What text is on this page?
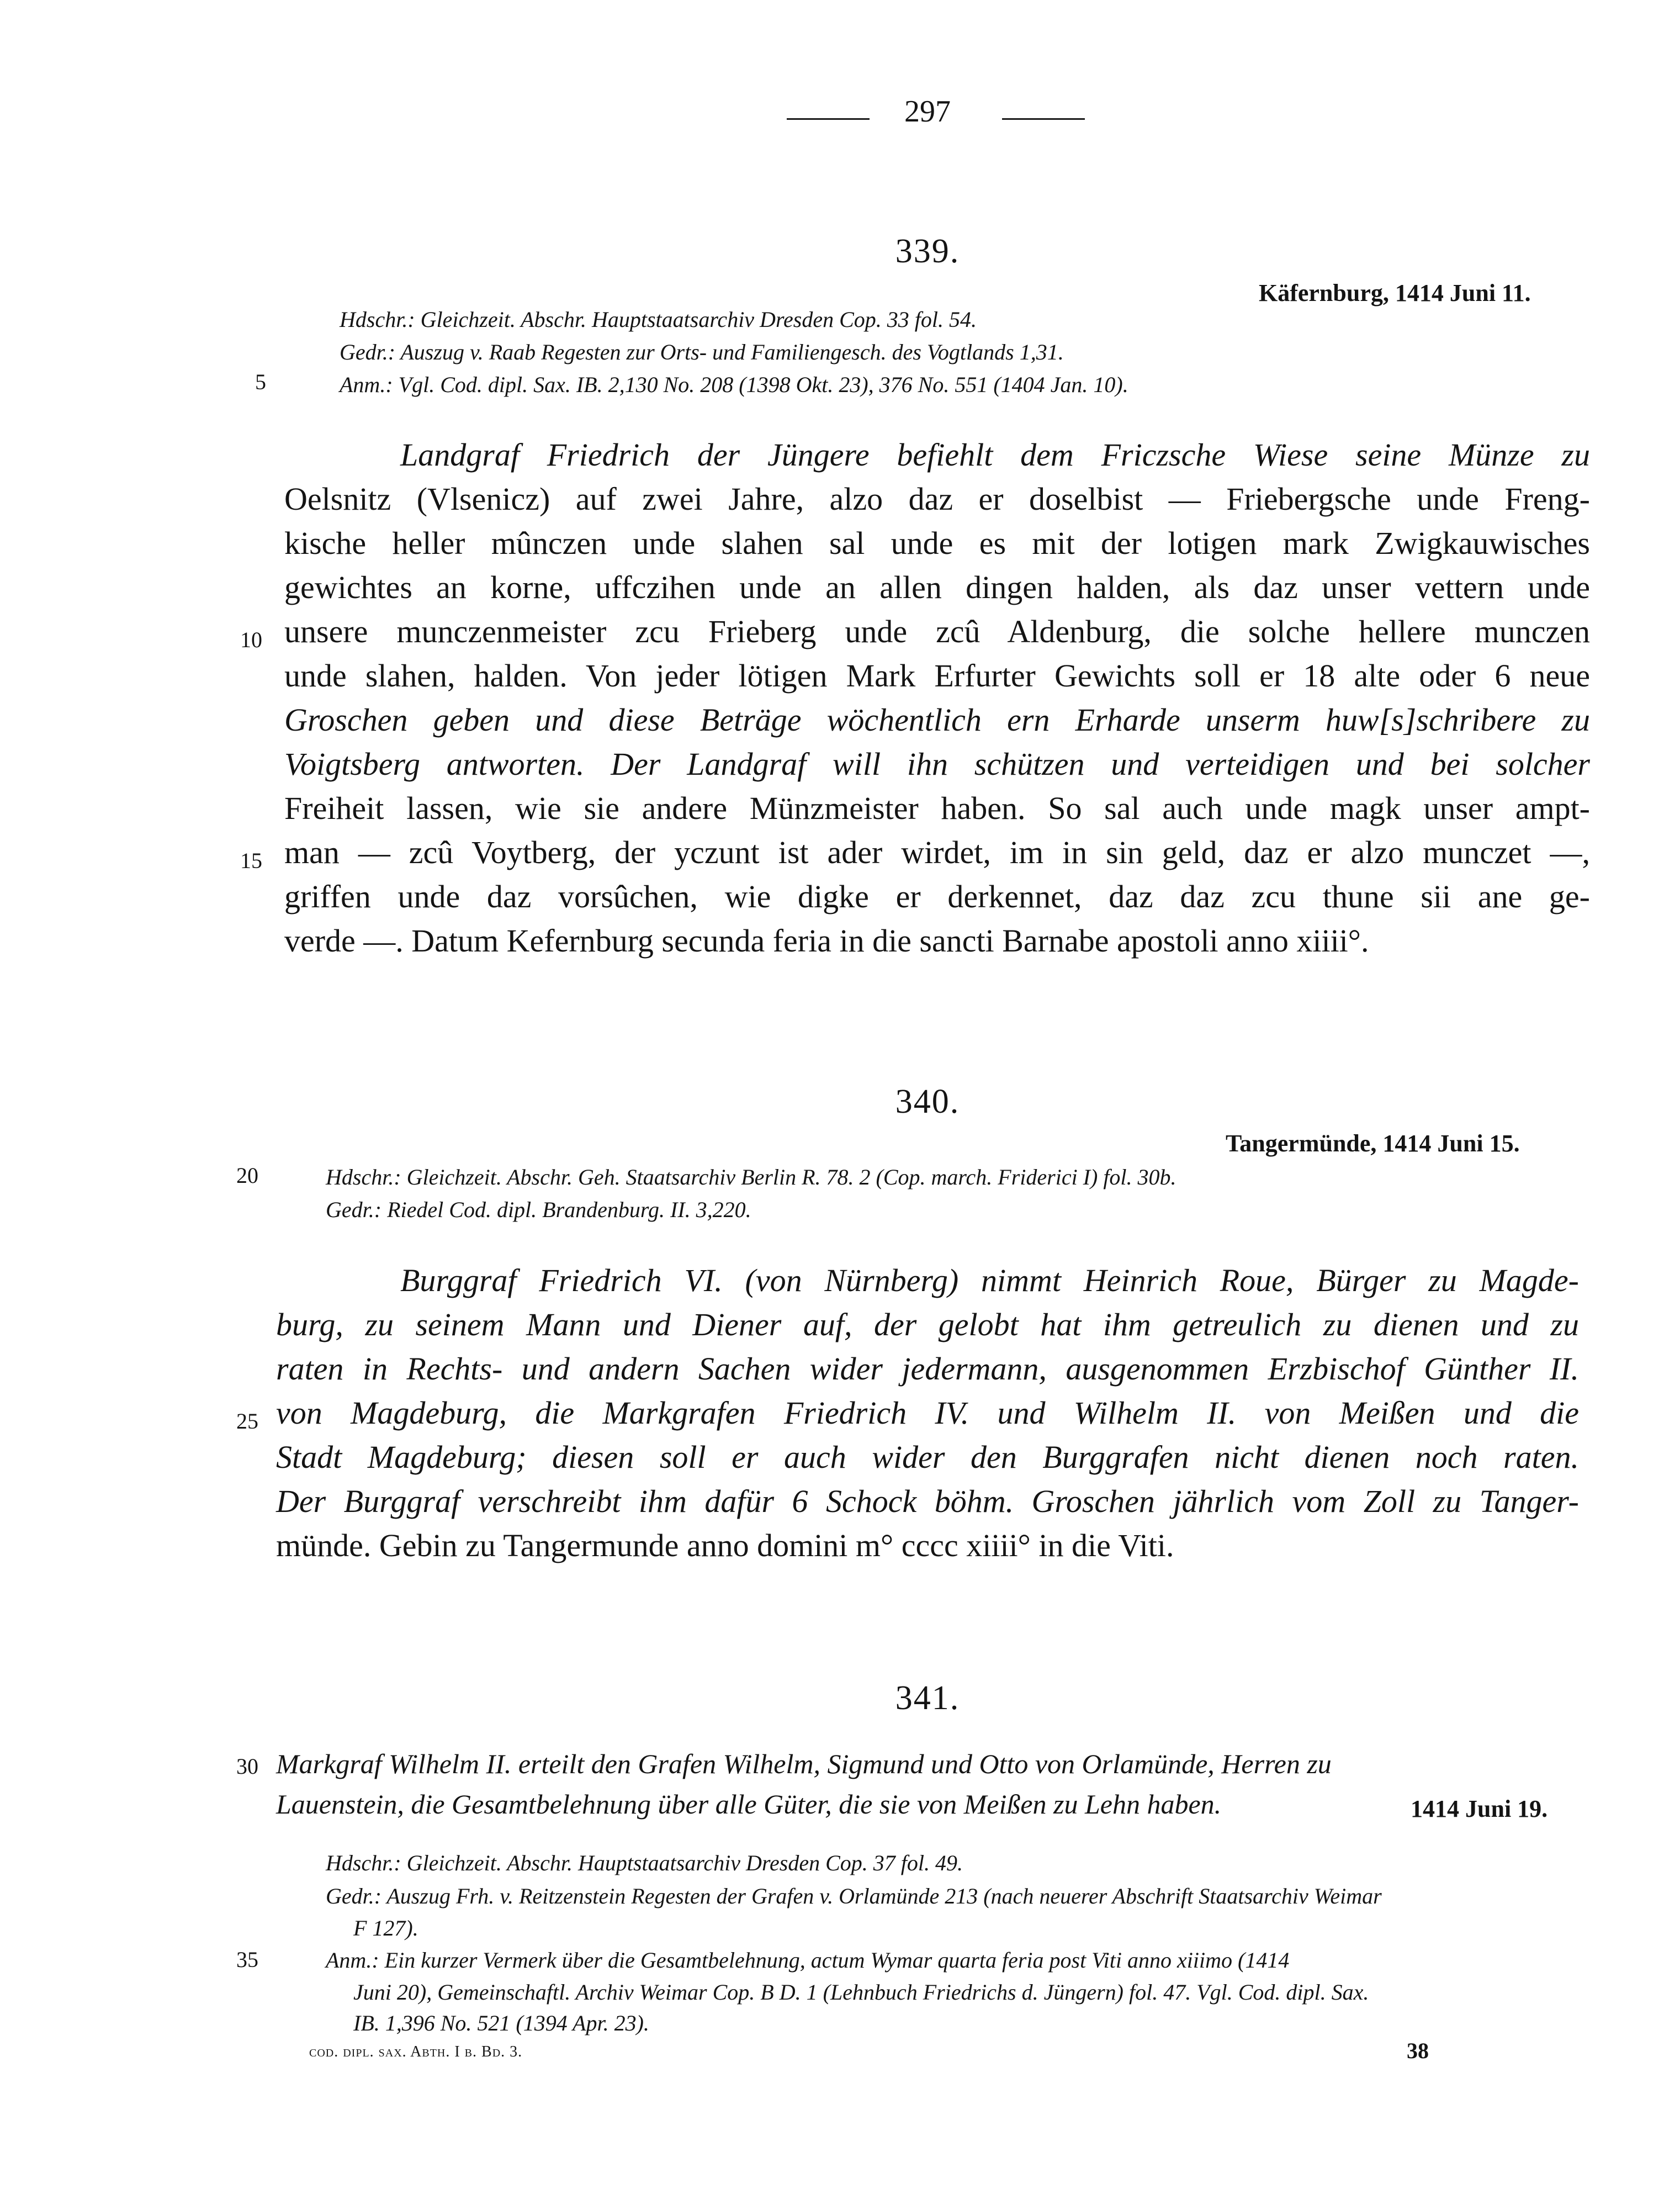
297
339.
Käfernburg, 1414 Juni 11.
Hdschr.: Gleichzeit. Abschr. Hauptstaatsarchiv Dresden Cop. 33 fol. 54.
Gedr.: Auszug v. Raab Regesten zur Orts- und Familiengesch. des Vogtlands 1,31.
5	Anm.: Vgl. Cod. dipl. Sax. IB. 2,130 No. 208 (1398 Okt. 23), 376 No. 551 (1404 Jan. 10).
Landgraf Friedrich der Jüngere befiehlt dem Friczsche Wiese seine Münze zu
Oelsnitz (Vlsenicz) auf zwei Jahre, alzo daz er doselbist — Friebergsche unde Freng-
kische heller mûnczen unde slahen sal unde es mit der lotigen mark Zwigkauwisches
gewichtes an korne, uffczihen unde an allen dingen halden, als daz unser vettern unde
10 unsere munczenmeister zcu Frieberg unde zcû Aldenburg, die solche hellere munczen
unde slahen, halden. Von jeder lötigen Mark Erfurter Gewichts soll er 18 alte oder 6 neue
Groschen geben und diese Beträge wöchentlich ern Erharde unserm huw[s]schribere zu
Voigtsberg antworten. Der Landgraf will ihn schützen und verteidigen und bei solcher
Freiheit lassen, wie sie andere Münzmeister haben. So sal auch unde magk unser ampt-
15 man — zcû Voytberg, der yczunt ist ader wirdet, im in sin geld, daz er alzo munczet —,
griffen unde daz vorsûchen, wie digke er derkennet, daz daz zcu thune sii ane ge-
verde —. Datum Kefernburg secunda feria in die sancti Barnabe apostoli anno xiiii°.
340.
Tangermünde, 1414 Juni 15.
20	Hdschr.: Gleichzeit. Abschr. Geh. Staatsarchiv Berlin R. 78. 2 (Cop. march. Friderici I) fol. 30b.
Gedr.: Riedel Cod. dipl. Brandenburg. II. 3,220.
Burggraf Friedrich VI. (von Nürnberg) nimmt Heinrich Roue, Bürger zu Magde-
burg, zu seinem Mann und Diener auf, der gelobt hat ihm getreulich zu dienen und zu
raten in Rechts- und andern Sachen wider jedermann, ausgenommen Erzbischof Günther II.
25 von Magdeburg, die Markgrafen Friedrich IV. und Wilhelm II. von Meißen und die
Stadt Magdeburg; diesen soll er auch wider den Burggrafen nicht dienen noch raten.
Der Burggraf verschreibt ihm dafür 6 Schock böhm. Groschen jährlich vom Zoll zu Tanger-
münde. Gebin zu Tangermunde anno domini m° cccc xiiii° in die Viti.
341.
30 Markgraf Wilhelm II. erteilt den Grafen Wilhelm, Sigmund und Otto von Orlamünde, Herren zu
Lauenstein, die Gesamtbelehnung über alle Güter, die sie von Meißen zu Lehn haben.	1414 Juni 19.
Hdschr.: Gleichzeit. Abschr. Hauptstaatsarchiv Dresden Cop. 37 fol. 49.
Gedr.: Auszug Frh. v. Reitzenstein Regesten der Grafen v. Orlamünde 213 (nach neuerer Abschrift Staatsarchiv Weimar
F 127).
35	Anm.: Ein kurzer Vermerk über die Gesamtbelehnung, actum Wymar quarta feria post Viti anno xiiimo (1414
Juni 20), Gemeinschaftl. Archiv Weimar Cop. B D. 1 (Lehnbuch Friedrichs d. Jüngern) fol. 47. Vgl. Cod. dipl. Sax.
cod. dipl. sax. Abth. I b. Bd. 3.	38
IB. 1,396 No. 521 (1394 Apr. 23).
